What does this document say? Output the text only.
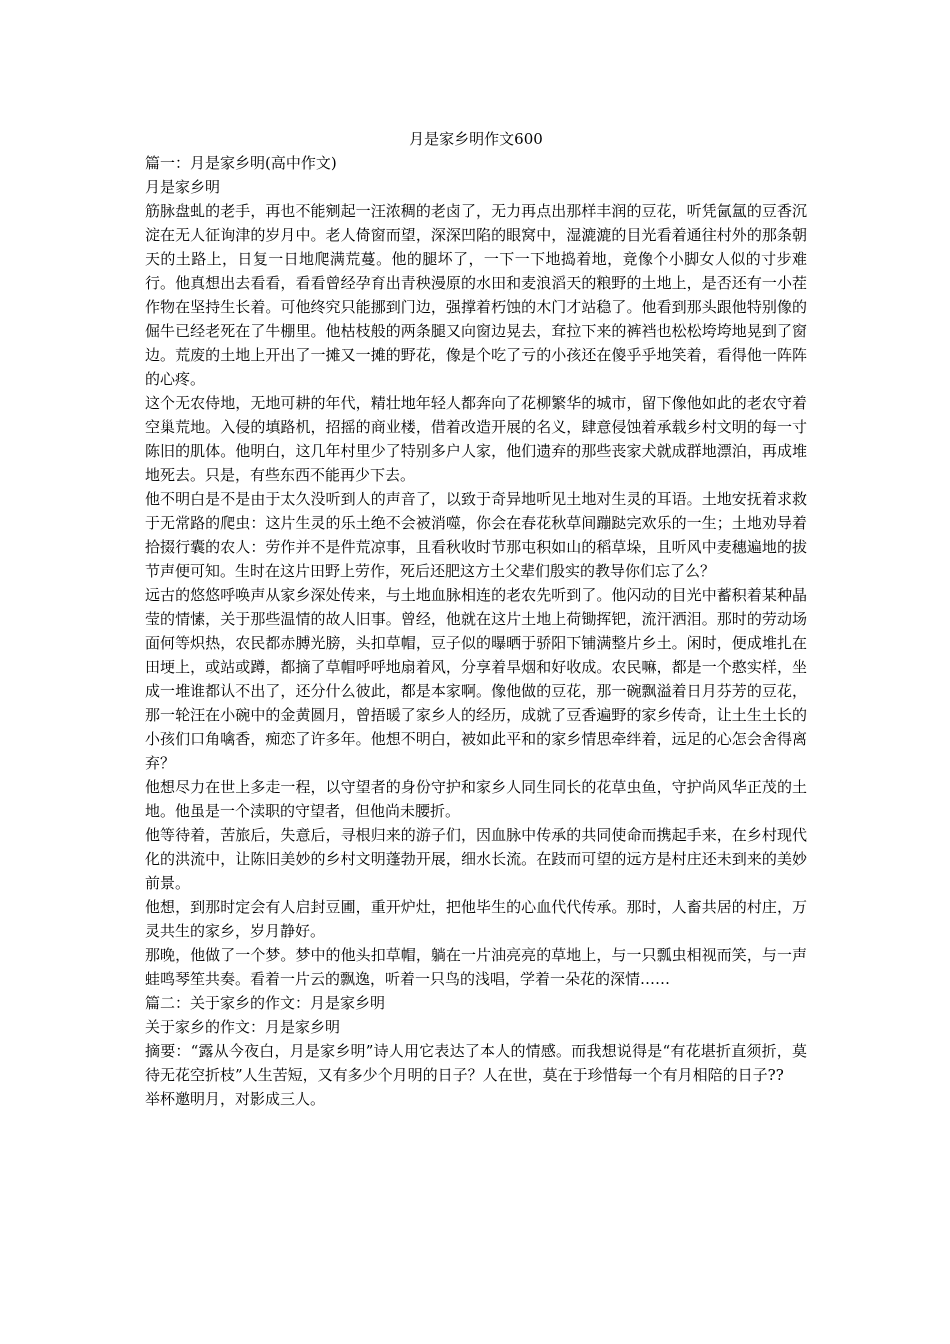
月是家乡明作文600

篇一：月是家乡明(高中作文)

月是家乡明

筋脉盘虬的老手，再也不能剜起一汪浓稠的老卤了，无力再点出那样丰润的豆花，听凭氤氲的豆香沉淀在无人征询津的岁月中。老人倚窗而望，深深凹陷的眼窝中，湿漉漉的目光看着通往村外的那条朝天的土路上，日复一日地爬满荒蔓。他的腿坏了，一下一下地捣着地，竟像个小脚女人似的寸步难行。他真想出去看看，看看曾经孕育出青秧漫原的水田和麦浪滔天的粮野的土地上，是否还有一小茬作物在坚持生长着。可他终究只能挪到门边，强撑着朽蚀的木门才站稳了。他看到那头跟他特别像的倔牛已经老死在了牛棚里。他枯枝般的两条腿又向窗边晃去，耷拉下来的裤裆也松松垮垮地晃到了窗边。荒废的土地上开出了一摊又一摊的野花，像是个吃了亏的小孩还在傻乎乎地笑着，看得他一阵阵的心疼。

这个无农侍地，无地可耕的年代，精壮地年轻人都奔向了花柳繁华的城市，留下像他如此的老农守着空巢荒地。入侵的填路机，招摇的商业楼，借着改造开展的名义，肆意侵蚀着承载乡村文明的每一寸陈旧的肌体。他明白，这几年村里少了特别多户人家，他们遗弃的那些丧家犬就成群地漂泊，再成堆地死去。只是，有些东西不能再少下去。

他不明白是不是由于太久没听到人的声音了，以致于奇异地听见土地对生灵的耳语。土地安抚着求救于无常路的爬虫：这片生灵的乐土绝不会被消噬，你会在春花秋草间蹦跶完欢乐的一生；土地劝导着拾掇行囊的农人：劳作并不是件荒凉事，且看秋收时节那屯积如山的稻草垛，且听风中麦穗遍地的拔节声便可知。生时在这片田野上劳作，死后还肥这方土父辈们殷实的教导你们忘了么？

远古的悠悠呼唤声从家乡深处传来，与土地血脉相连的老农先听到了。他闪动的目光中蓄积着某种晶莹的情愫，关于那些温情的故人旧事。曾经，他就在这片土地上荷锄挥钯，流汗洒泪。那时的劳动场面何等炽热，农民都赤膊光膀，头扣草帽，豆子似的曝晒于骄阳下铺满整片乡土。闲时，便成堆扎在田埂上，或站或蹲，都摘了草帽呼呼地扇着风，分享着旱烟和好收成。农民嘛，都是一个憨实样，坐成一堆谁都认不出了，还分什么彼此，都是本家啊。像他做的豆花，那一碗飘溢着日月芬芳的豆花，那一轮汪在小碗中的金黄圆月，曾捂暖了家乡人的经历，成就了豆香遍野的家乡传奇，让土生土长的小孩们口角噙香，痴恋了许多年。他想不明白，被如此平和的家乡情思牵绊着，远足的心怎会舍得离弃？

他想尽力在世上多走一程，以守望者的身份守护和家乡人同生同长的花草虫鱼，守护尚风华正茂的土地。他虽是一个渎职的守望者，但他尚未腰折。

他等待着，苦旅后，失意后，寻根归来的游子们，因血脉中传承的共同使命而携起手来，在乡村现代化的洪流中，让陈旧美妙的乡村文明蓬勃开展，细水长流。在跂而可望的远方是村庄还未到来的美妙前景。

他想，到那时定会有人启封豆圃，重开炉灶，把他毕生的心血代代传承。那时，人畜共居的村庄，万灵共生的家乡，岁月静好。

那晚，他做了一个梦。梦中的他头扣草帽，躺在一片油亮亮的草地上，与一只瓢虫相视而笑，与一声蛙鸣琴笙共奏。看着一片云的飘逸，听着一只鸟的浅唱，学着一朵花的深情……

篇二：关于家乡的作文：月是家乡明

关于家乡的作文：月是家乡明

摘要：“露从今夜白，月是家乡明”诗人用它表达了本人的情感。而我想说得是“有花堪折直须折，莫待无花空折枝”人生苦短，又有多少个月明的日子？人在世，莫在于珍惜每一个有月相陪的日子??

举杯邀明月，对影成三人。
